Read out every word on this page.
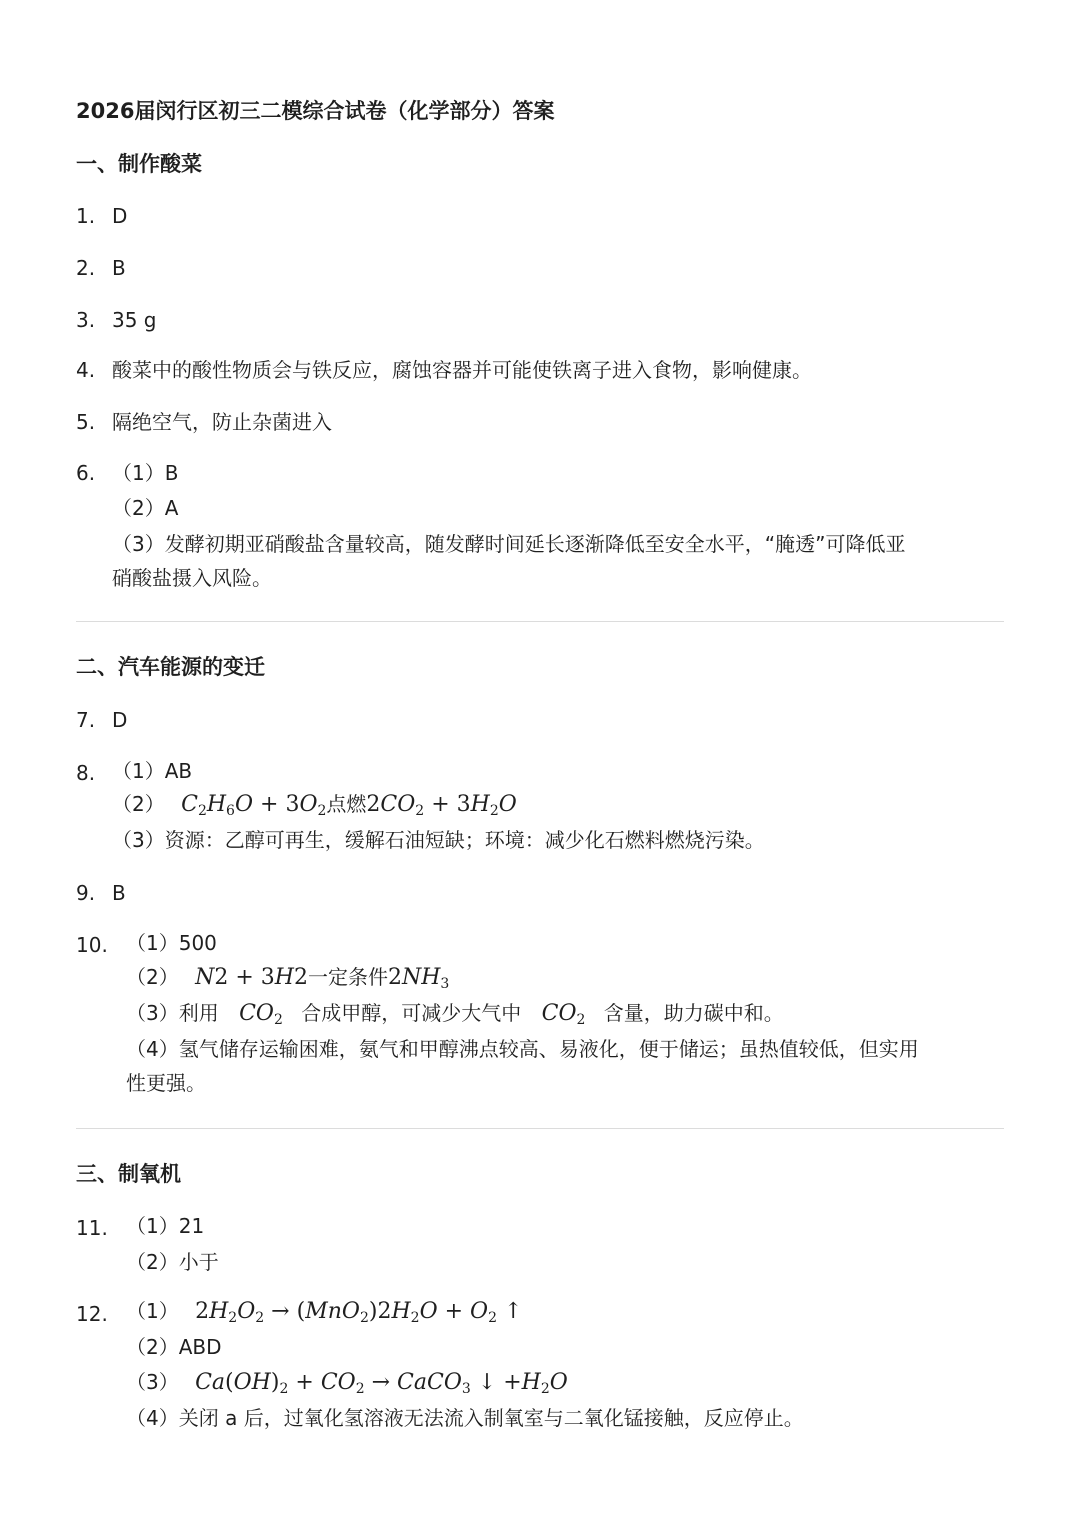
2026届闵行区初三二模综合试卷（化学部分）答案
一、制作酸菜
1. D
2. B
3. 35 g
4. 酸菜中的酸性物质会与铁反应，腐蚀容器并可能使铁离子进入食物，影响健康。
5. 隔绝空气，防止杂菌进入
6. （1）B
（2）A
（3）发酵初期亚硝酸盐含量较高，随发酵时间延长逐渐降低至安全水平，“腌透”可降低亚
硝酸盐摄入风险。
二、汽车能源的变迁
7. D
8. （1）AB
（2） $C_2H_6O + 3O_2$点燃$2CO_2 + 3H_2O$
（3）资源：乙醇可再生，缓解石油短缺；环境：减少化石燃料燃烧污染。
9. B
10. （1）500
（2） N2 + 3H2一定条件$2NH_3$
（3）利用 $CO_2$ 合成甲醇，可减少大气中 $CO_2$ 含量，助力碳中和。
（4）氢气储存运输困难，氨气和甲醇沸点较高、易液化，便于储运；虽热值较低，但实用
性更强。
三、制氧机
11. （1）21
（2）小于
12. （1） $2H_2O_2 \to (MnO_2)2H_2O + O_2$ ↑
（2）ABD
（3） $Ca(OH)_2 + CO_2$ → CaCO$_3$ ↓ $+H_2O$
（4）关闭 a 后，过氧化氢溶液无法流入制氧室与二氧化锰接触，反应停止。
